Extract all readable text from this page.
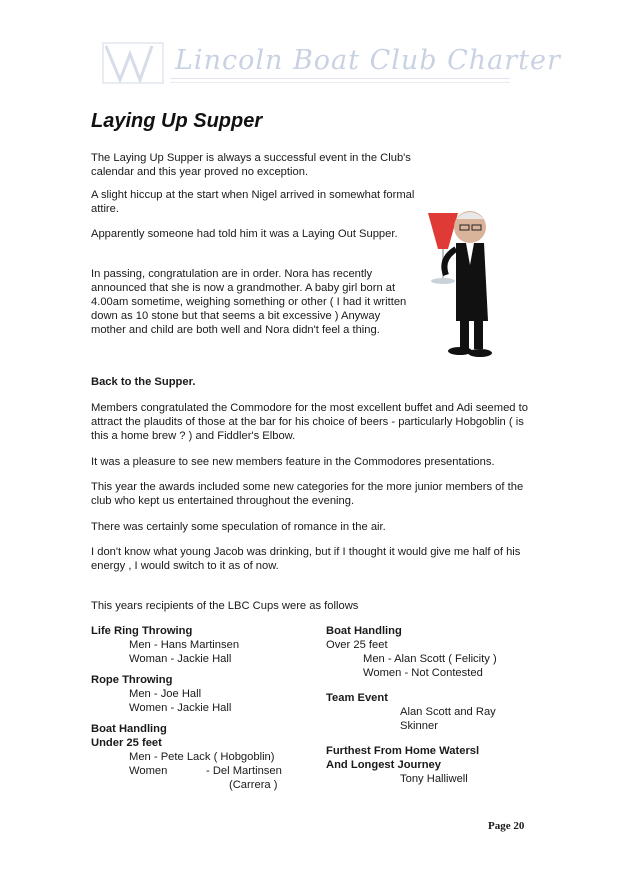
Lincoln Boat Club Charter
Laying Up Supper

The Laying Up Supper is always a successful event in the Club's calendar and this year proved no exception.

A slight hiccup at the start when Nigel arrived in somewhat formal attire.

Apparently someone had told him it was a Laying Out Supper.

In passing, congratulation are in order. Nora has recently announced that she is now a grandmother. A baby girl born at 4.00am sometime, weighing something or other ( I had it written down as 10 stone but that seems a bit excessive ) Anyway mother and child are both well and Nora didn't feel a thing.

Back to the Supper.

Members congratulated the Commodore for the most excellent buffet and Adi seemed to attract the plaudits of those at the bar for his choice of beers - particularly Hobgoblin ( is this a home brew ? ) and Fiddler's Elbow.

It was a pleasure to see new members feature in the Commodores presentations.

This year the awards included some new categories for the more junior members of the club who kept us entertained throughout the evening.

There was certainly some speculation of romance in the air.

I don't know what young Jacob was drinking, but if I thought it would give me half of his energy , I would switch to it as of now.

This years recipients of the LBC Cups were as follows

Life Ring Throwing

Men - Hans Martinsen

Woman - Jackie Hall

Rope Throwing

Men - Joe Hall

Women - Jackie Hall

Boat Handling

Under 25 feet

Men - Pete Lack ( Hobgoblin)

Women	- Del Martinsen

(Carrera )

Boat Handling

Over 25 feet

Men - Alan Scott ( Felicity )

Women - Not Contested

Team Event

Alan Scott and Ray

Skinner

Furthest From Home Watersl

And Longest Journey

Tony Halliwell

Page 20
